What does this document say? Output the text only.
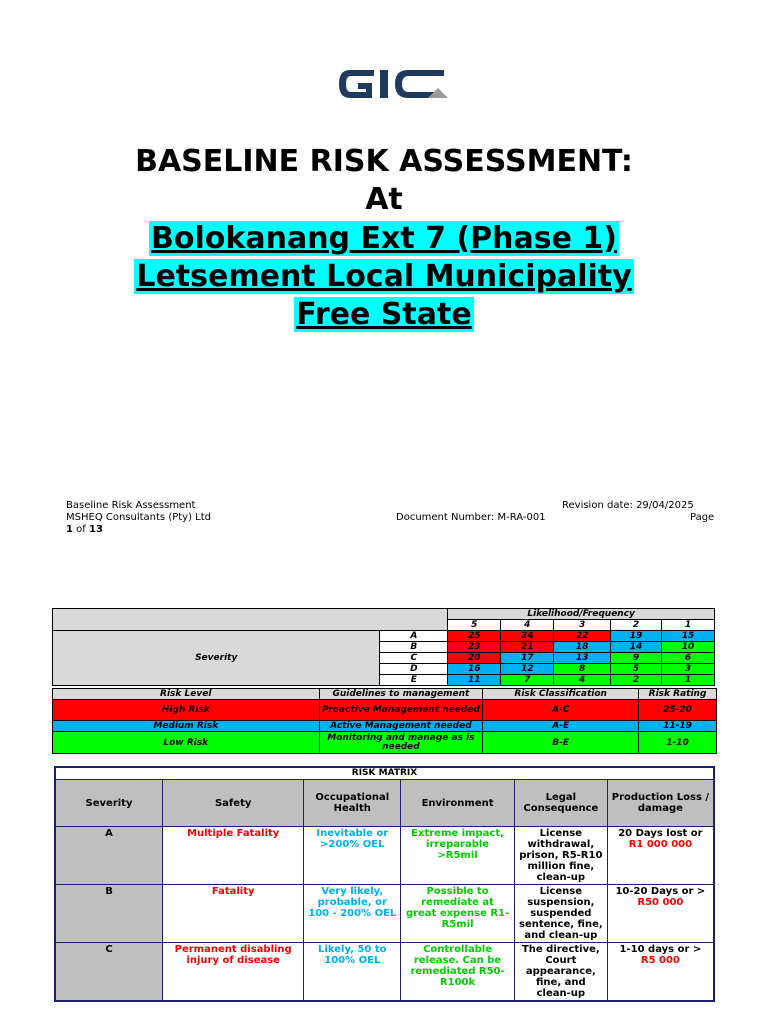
GIC
BASELINE RISK ASSESSMENT:
At
Bolokanang Ext 7 (Phase 1)
Letsement Local Municipality
Free State
Baseline Risk Assessment
MSHEQ Consultants (Pty) Ltd
1 of 13
Revision date: 29/04/2025
Document Number: M-RA-001	Page
		Likelihood/Frequency				
		5	4	3	2	1
Severity	A	25	24	22	19	15
	B	23	21	18	14	10
	C	20	17	13	9	6
	D	16	12	8	5	3
	E	11	7	4	2	1
Risk Level	Guidelines to management	Risk Classification	Risk Rating
High Risk	Proactive Management needed	A-C	25-20
Medium Risk	Active Management needed	A-E	11-19
Low Risk	Monitoring and manage as is needed	B-E	1-10
RISK MATRIX					
Severity	Safety	Occupational Health	Environment	Legal Consequence	Production Loss / damage
A	Multiple Fatality	Inevitable or >200% OEL	Extreme impact, irreparable >R5mil	License withdrawal, prison, R5-R10 million fine, clean-up	20 Days lost or R1 000 000
B	Fatality	Very likely, probable, or 100 - 200% OEL	Possible to remediate at great expense R1-R5mil	License suspension, suspended sentence, fine, and clean-up	10-20 Days or > R50 000
C	Permanent disabling injury of disease	Likely, 50 to 100% OEL	Controllable release. Can be remediated R50-R100k	The directive, Court appearance, fine, and clean-up	1-10 days or > R5 000
